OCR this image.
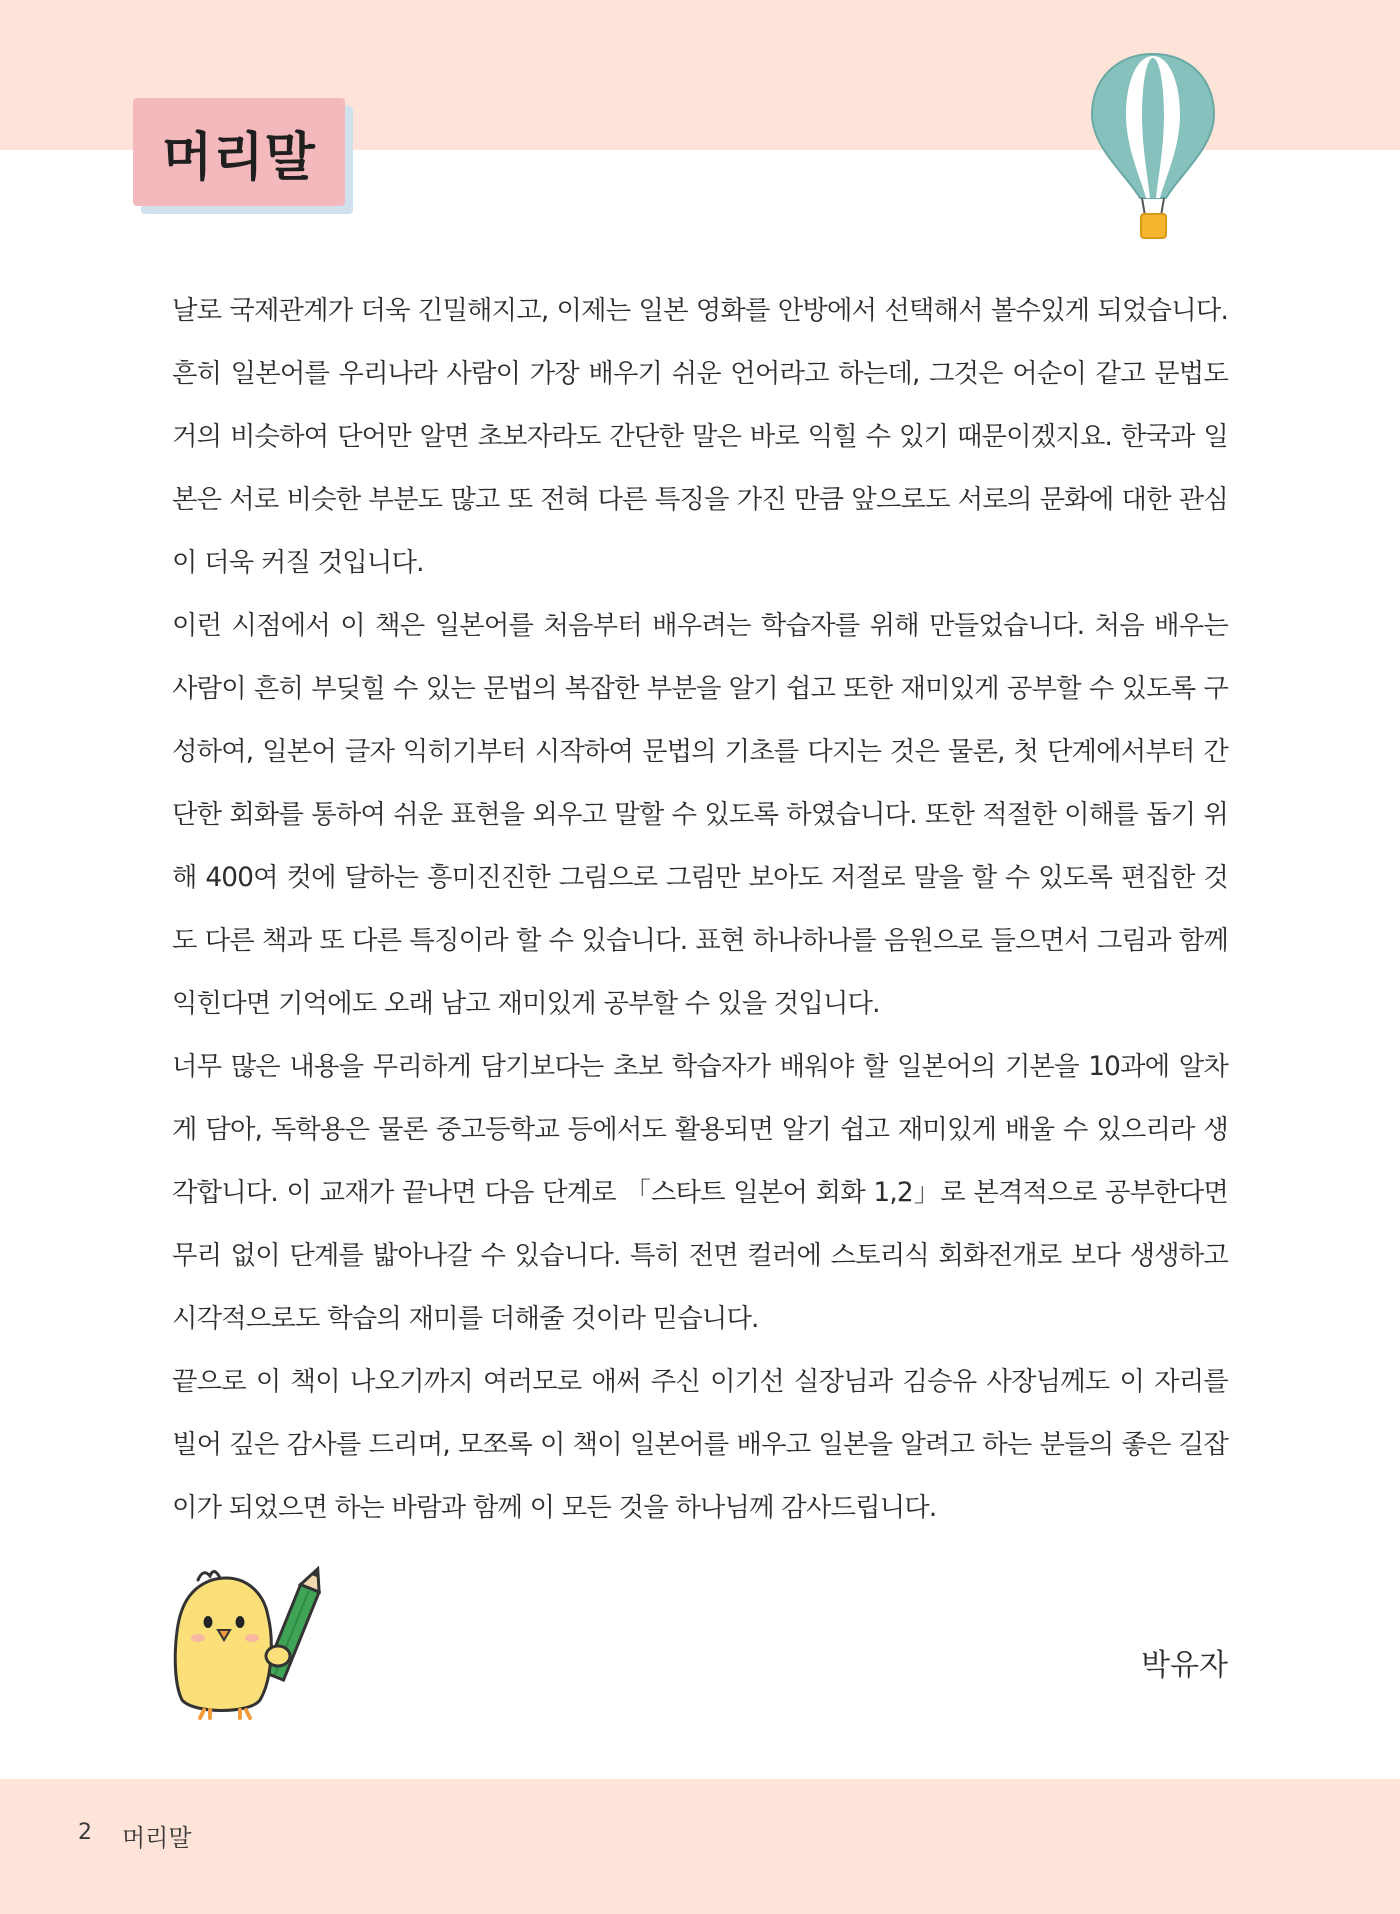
머리말

날로 국제관계가 더욱 긴밀해지고, 이제는 일본 영화를 안방에서 선택해서 볼수있게 되었습니다. 흔히 일본어를 우리나라 사람이 가장 배우기 쉬운 언어라고 하는데, 그것은 어순이 같고 문법도 거의 비슷하여 단어만 알면 초보자라도 간단한 말은 바로 익힐 수 있기 때문이겠지요. 한국과 일본은 서로 비슷한 부분도 많고 또 전혀 다른 특징을 가진 만큼 앞으로도 서로의 문화에 대한 관심이 더욱 커질 것입니다.

이런 시점에서 이 책은 일본어를 처음부터 배우려는 학습자를 위해 만들었습니다. 처음 배우는 사람이 흔히 부딪힐 수 있는 문법의 복잡한 부분을 알기 쉽고 또한 재미있게 공부할 수 있도록 구성하여, 일본어 글자 익히기부터 시작하여 문법의 기초를 다지는 것은 물론, 첫 단계에서부터 간단한 회화를 통하여 쉬운 표현을 외우고 말할 수 있도록 하였습니다. 또한 적절한 이해를 돕기 위해 400여 컷에 달하는 흥미진진한 그림으로 그림만 보아도 저절로 말을 할 수 있도록 편집한 것도 다른 책과 또 다른 특징이라 할 수 있습니다. 표현 하나하나를 음원으로 들으면서 그림과 함께 익힌다면 기억에도 오래 남고 재미있게 공부할 수 있을 것입니다.

너무 많은 내용을 무리하게 담기보다는 초보 학습자가 배워야 할 일본어의 기본을 10과에 알차게 담아, 독학용은 물론 중고등학교 등에서도 활용되면 알기 쉽고 재미있게 배울 수 있으리라 생각합니다. 이 교재가 끝나면 다음 단계로 「스타트 일본어 회화 1,2」로 본격적으로 공부한다면 무리 없이 단계를 밟아나갈 수 있습니다. 특히 전면 컬러에 스토리식 회화전개로 보다 생생하고 시각적으로도 학습의 재미를 더해줄 것이라 믿습니다.

끝으로 이 책이 나오기까지 여러모로 애써 주신 이기선 실장님과 김승유 사장님께도 이 자리를 빌어 깊은 감사를 드리며, 모쪼록 이 책이 일본어를 배우고 일본을 알려고 하는 분들의 좋은 길잡이가 되었으면 하는 바람과 함께 이 모든 것을 하나님께 감사드립니다.

박유자
2 머리말
